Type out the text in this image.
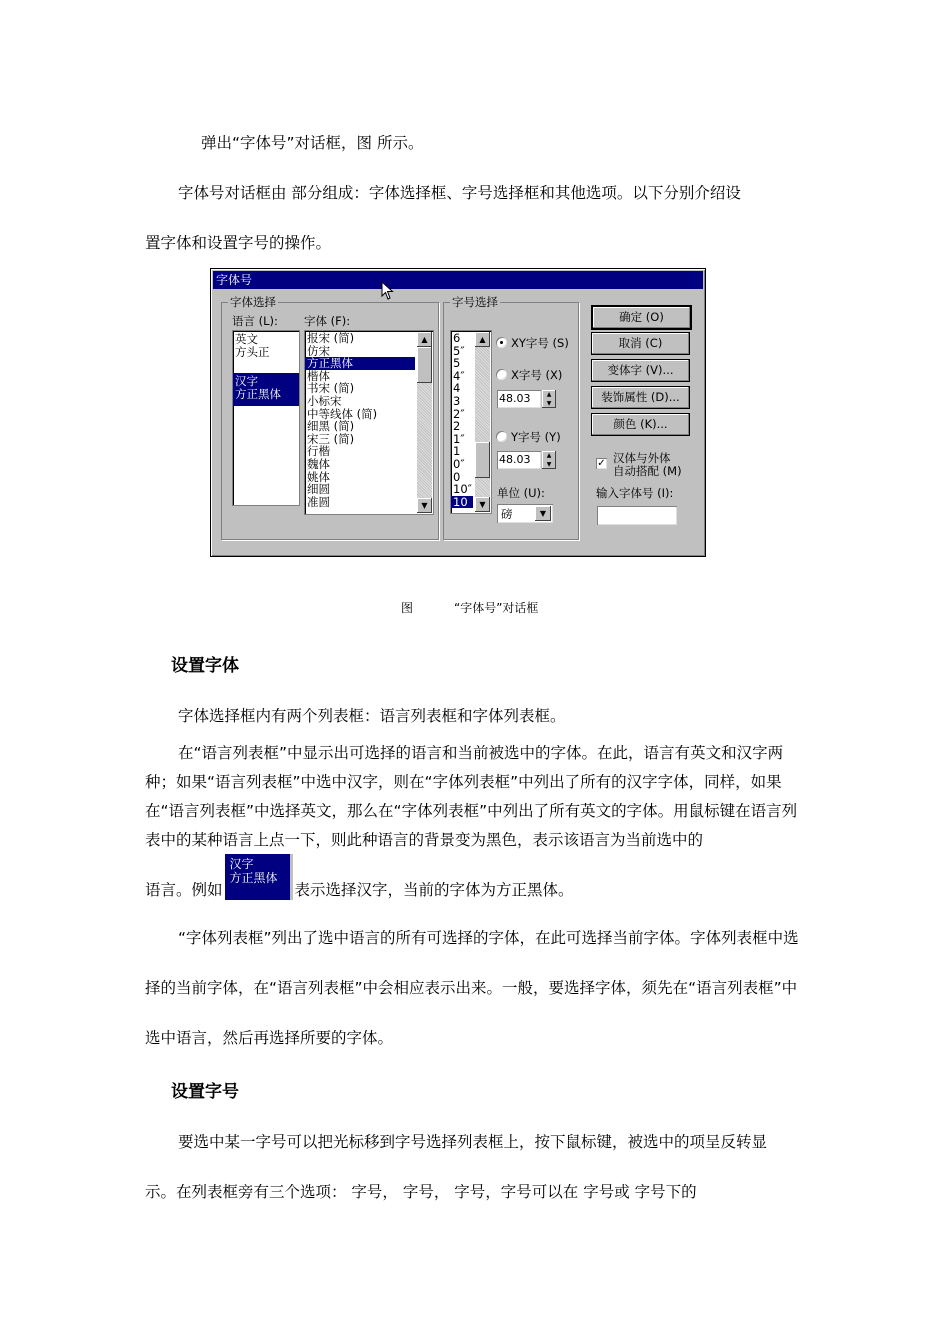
弹出“字体号”对话框，图 所示。

字体号对话框由 部分组成：字体选择框、字号选择框和其他选项。以下分别介绍设

置字体和设置字号的操作。

字体号
字体选择
语言 (L): 字体 (F):
英文
方头正
汉字
方正黑体
报宋 (简)
仿宋
方正黑体
楷体
书宋 (简)
小标宋
中等线体 (简)
细黑 (简)
宋三 (简)
行楷
魏体
姚体
细圆
准圆
▲
▼
字号选择
6
5″
5
4″
4
3
2″
2
1″
1
0″
0
10″
10
▲
▼
XY字号 (S)
X字号 (X)
48.03	▲
▼
Y字号 (Y)
48.03	▲
▼
单位 (U):
磅	▼
确定 (O)
取消 (C)
变体字 (V)...
装饰属性 (D)...
颜色 (K)...
✓ 汉体与外体
自动搭配 (M)
输入字体号 (I):
图	“字体号”对话框
设置字体

字体选择框内有两个列表框：语言列表框和字体列表框。

在“语言列表框”中显示出可选择的语言和当前被选中的字体。在此，语言有英文和汉字两种；如果“语言列表框”中选中汉字，则在“字体列表框”中列出了所有的汉字字体，同样，如果在“语言列表框”中选择英文，那么在“字体列表框”中列出了所有英文的字体。用鼠标键在语言列表中的某种语言上点一下，则此种语言的背景变为黑色，表示该语言为当前选中的

语言。例如汉字
方正黑体表示选择汉字，当前的字体为方正黑体。

“字体列表框”列出了选中语言的所有可选择的字体，在此可选择当前字体。字体列表框中选择的当前字体，在“语言列表框”中会相应表示出来。一般，要选择字体，须先在“语言列表框”中选中语言，然后再选择所要的字体。

设置字号

要选中某一字号可以把光标移到字号选择列表框上，按下鼠标键，被选中的项呈反转显

示。在列表框旁有三个选项： 字号， 字号， 字号，字号可以在 字号或 字号下的
